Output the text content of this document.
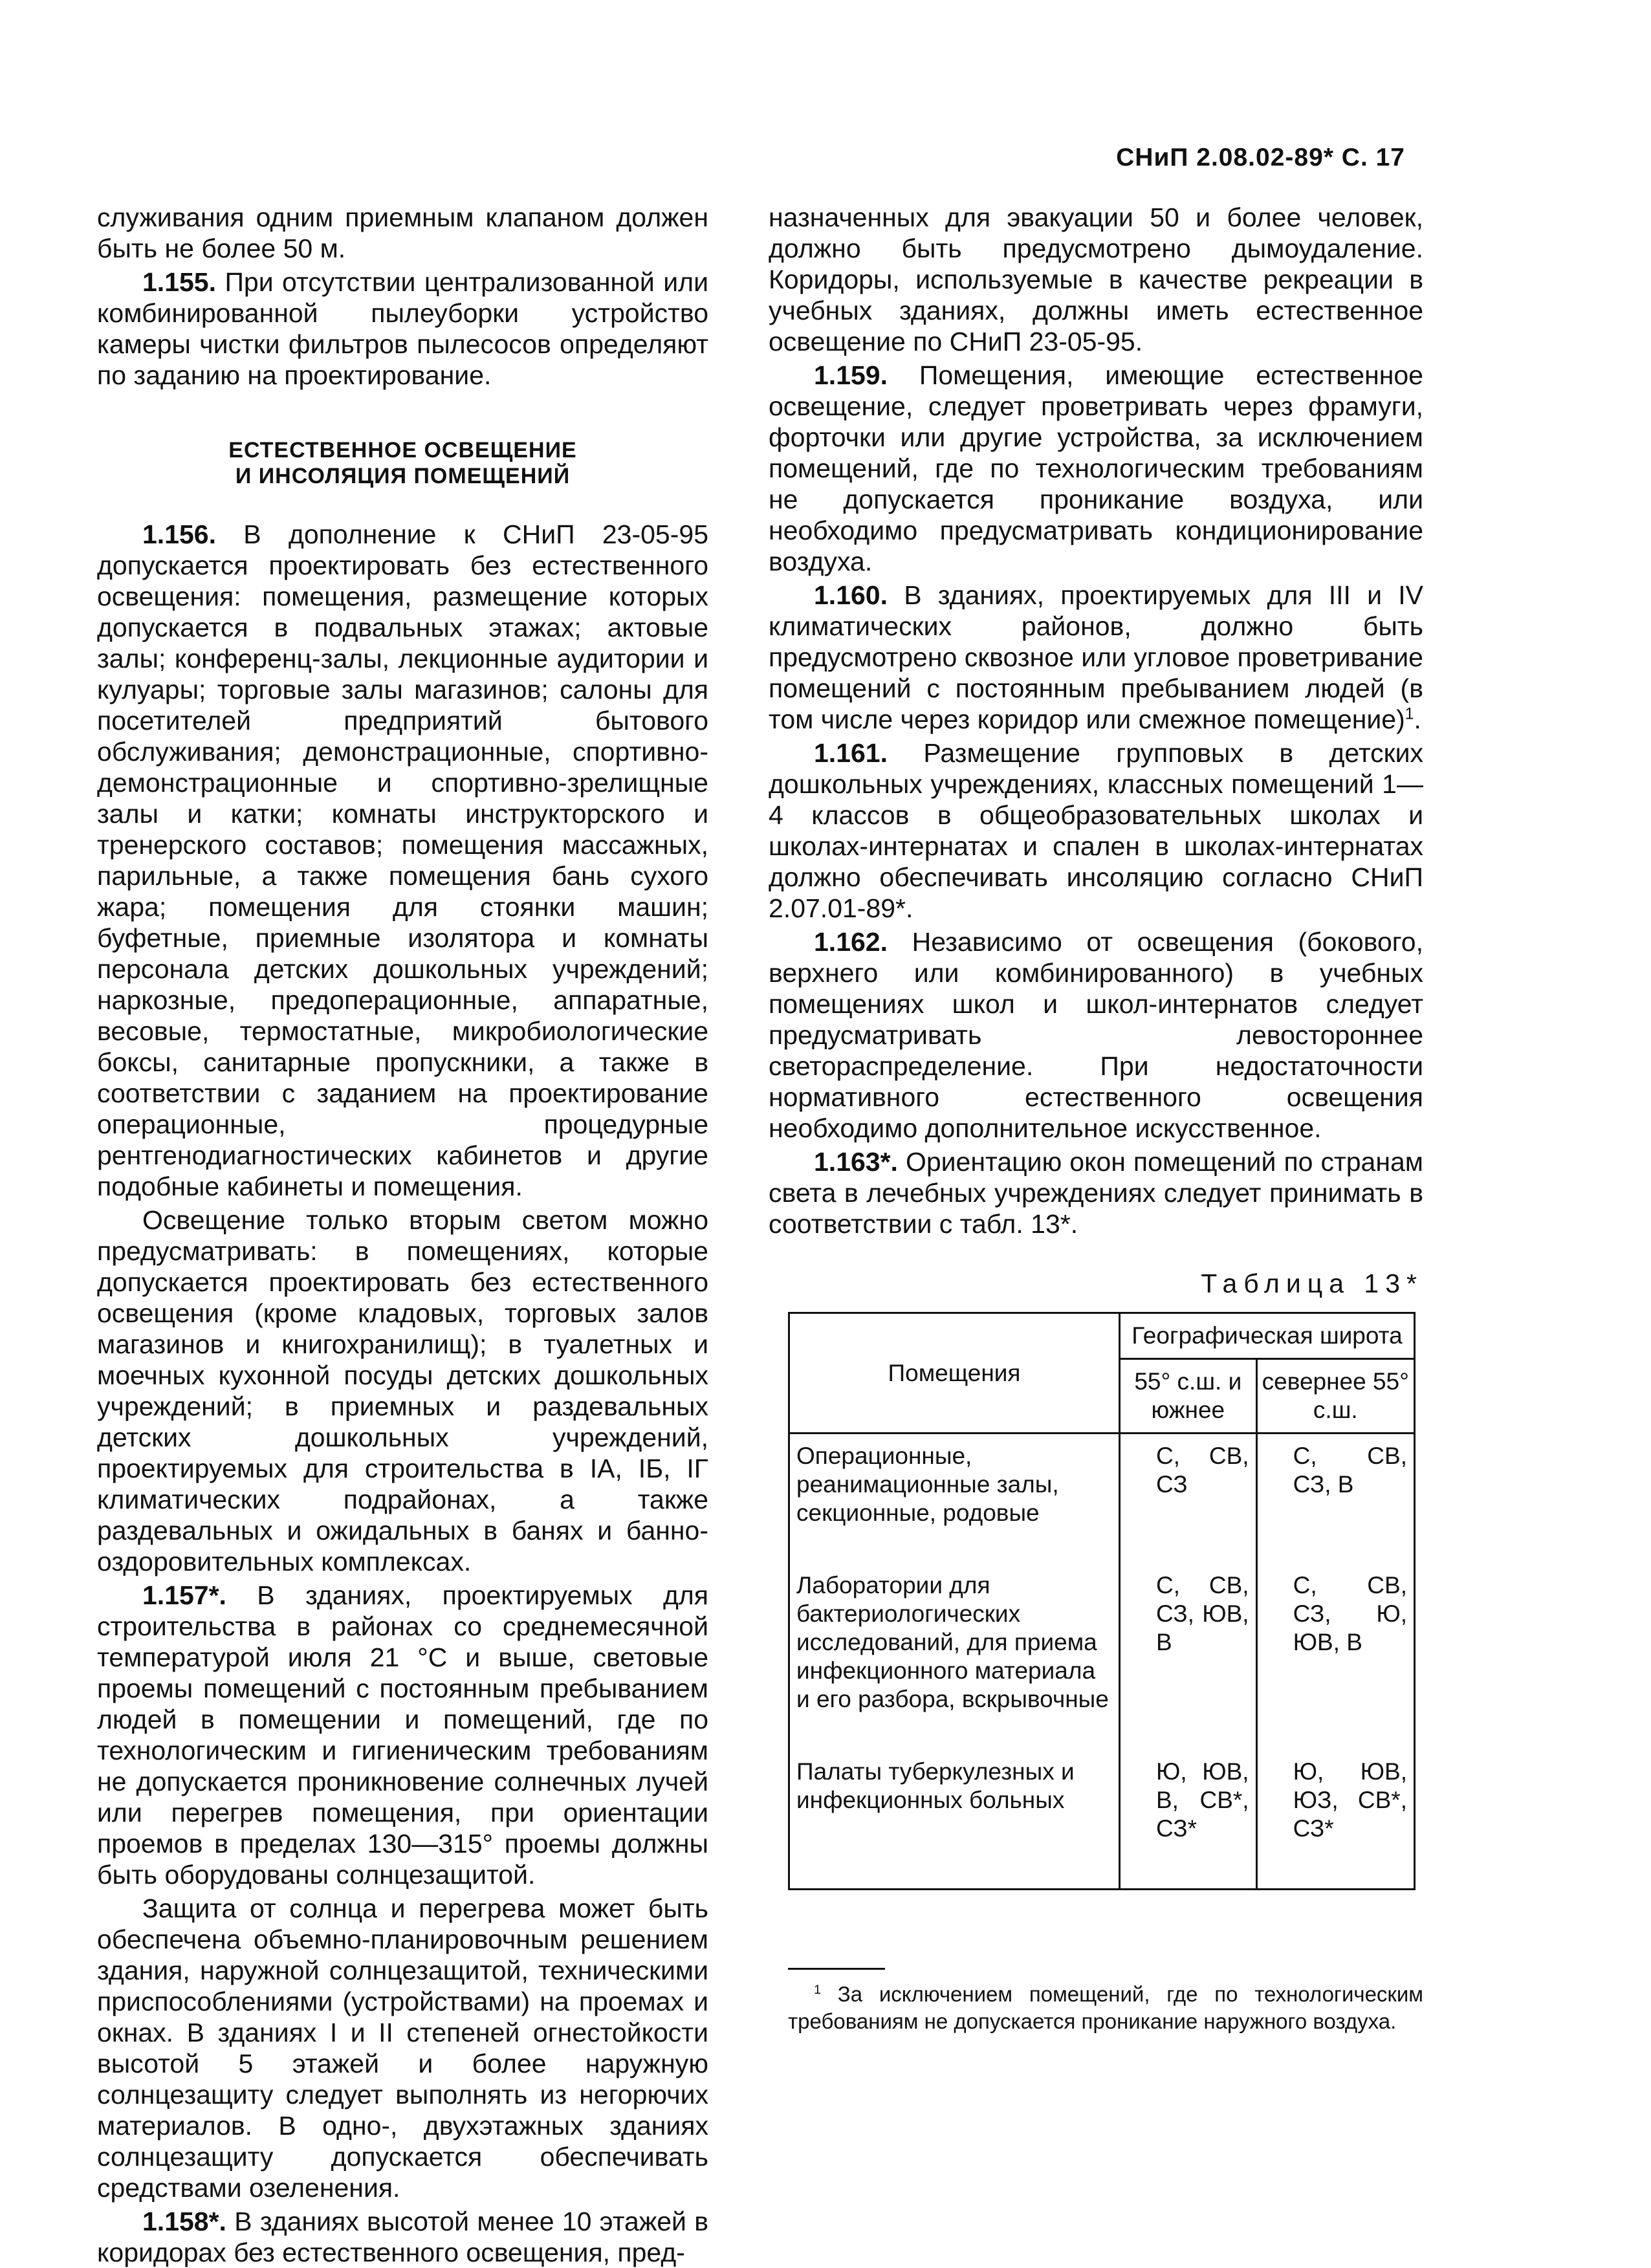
СНиП 2.08.02-89* С. 17

служивания одним приемным клапаном должен быть не более 50 м.

1.155. При отсутствии централизованной или комбинированной пылеуборки устройство камеры чистки фильтров пылесосов определяют по заданию на проектирование.

ЕСТЕСТВЕННОЕ ОСВЕЩЕНИЕ
И ИНСОЛЯЦИЯ ПОМЕЩЕНИЙ

1.156. В дополнение к СНиП 23-05-95 допускается проектировать без естественного освещения: помещения, размещение которых допускается в подвальных этажах; актовые залы; конференц-залы, лекционные аудитории и кулуары; торговые залы магазинов; салоны для посетителей предприятий бытового обслуживания; демонстрационные, спортивно-демонстрационные и спортивно-зрелищные залы и катки; комнаты инструкторского и тренерского составов; помещения массажных, парильные, а также помещения бань сухого жара; помещения для стоянки машин; буфетные, приемные изолятора и комнаты персонала детских дошкольных учреждений; наркозные, предоперационные, аппаратные, весовые, термостатные, микробиологические боксы, санитарные пропускники, а также в соответствии с заданием на проектирование операционные, процедурные рентгенодиагностических кабинетов и другие подобные кабинеты и помещения.

Освещение только вторым светом можно предусматривать: в помещениях, которые допускается проектировать без естественного освещения (кроме кладовых, торговых залов магазинов и книгохранилищ); в туалетных и моечных кухонной посуды детских дошкольных учреждений; в приемных и раздевальных детских дошкольных учреждений, проектируемых для строительства в IA, IБ, IГ климатических подрайонах, а также раздевальных и ожидальных в банях и банно-оздоровительных комплексах.

1.157*. В зданиях, проектируемых для строительства в районах со среднемесячной температурой июля 21 °С и выше, световые проемы помещений с постоянным пребыванием людей в помещении и помещений, где по технологическим и гигиеническим требованиям не допускается проникновение солнечных лучей или перегрев помещения, при ориентации проемов в пределах 130—315° проемы должны быть оборудованы солнцезащитой.

Защита от солнца и перегрева может быть обеспечена объемно-планировочным решением здания, наружной солнцезащитой, техническими приспособлениями (устройствами) на проемах и окнах. В зданиях I и II степеней огнестойкости высотой 5 этажей и более наружную солнцезащиту следует выполнять из негорючих материалов. В одно-, двухэтажных зданиях солнцезащиту допускается обеспечивать средствами озеленения.

1.158*. В зданиях высотой менее 10 этажей в коридорах без естественного освещения, пред-

назначенных для эвакуации 50 и более человек, должно быть предусмотрено дымоудаление. Коридоры, используемые в качестве рекреации в учебных зданиях, должны иметь естественное освещение по СНиП 23-05-95.

1.159. Помещения, имеющие естественное освещение, следует проветривать через фрамуги, форточки или другие устройства, за исключением помещений, где по технологическим требованиям не допускается проникание воздуха, или необходимо предусматривать кондиционирование воздуха.

1.160. В зданиях, проектируемых для III и IV климатических районов, должно быть предусмотрено сквозное или угловое проветривание помещений с постоянным пребыванием людей (в том числе через коридор или смежное помещение)$^1$.

1.161. Размещение групповых в детских дошкольных учреждениях, классных помещений 1—4 классов в общеобразовательных школах и школах-интернатах и спален в школах-интернатах должно обеспечивать инсоляцию согласно СНиП 2.07.01-89*.

1.162. Независимо от освещения (бокового, верхнего или комбинированного) в учебных помещениях школ и школ-интернатов следует предусматривать левостороннее светораспределение. При недостаточности нормативного естественного освещения необходимо дополнительное искусственное.

1.163*. Ориентацию окон помещений по странам света в лечебных учреждениях следует принимать в соответствии с табл. 13*.

Таблица 13*
Помещения	Географическая широта	
	55° с.ш. и южнее	севернее 55° с.ш.
Операционные, реанимационные залы, секционные, родовые	С, СВ, СЗ	С, СВ, СЗ, В
Лаборатории для бактериологических исследований, для приема инфекционного материала и его разбора, вскрывочные	С, СВ, СЗ, ЮВ, В	С, СВ, СЗ, Ю, ЮВ, В
Палаты туберкулезных и инфекционных больных	Ю, ЮВ, В, СВ*, СЗ*	Ю, ЮВ, ЮЗ, СВ*, СЗ*
$^1$ За исключением помещений, где по технологическим требованиям не допускается проникание наружного воздуха.
